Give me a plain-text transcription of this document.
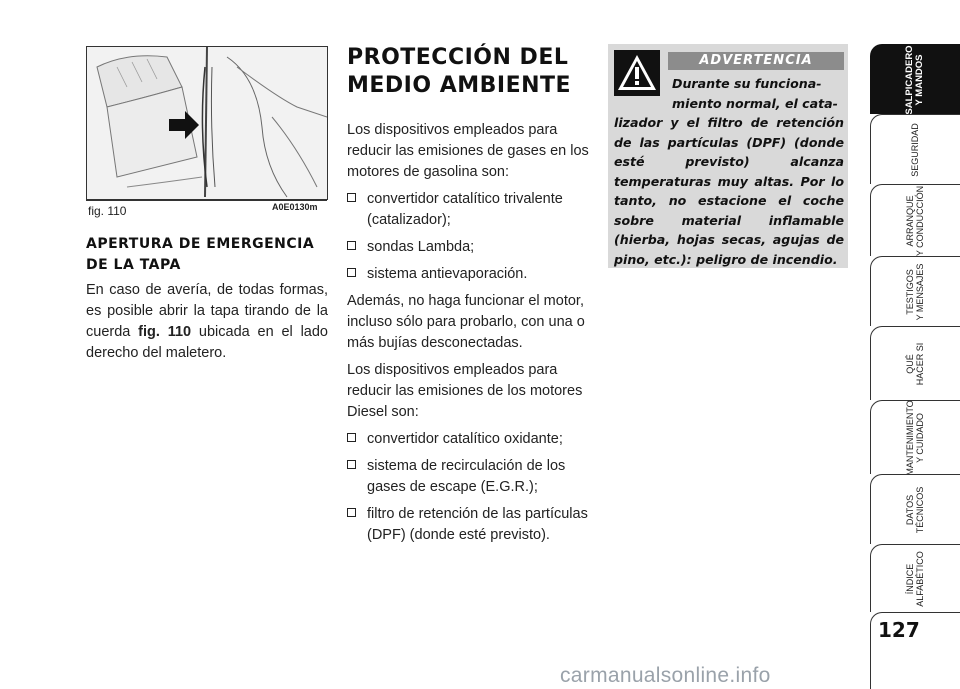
fig. 110	A0E0130m
APERTURA DE EMERGENCIA
DE LA TAPA
En caso de avería, de todas formas, es posible abrir la tapa tirando de la cuerda fig. 110 ubicada en el lado derecho del maletero.
PROTECCIÓN DEL
MEDIO AMBIENTE

Los dispositivos empleados para reducir las emisiones de gases en los motores de gasolina son:

convertidor catalítico trivalente (catalizador);
sondas Lambda;
sistema antievaporación.

Además, no haga funcionar el motor, incluso sólo para probarlo, con una o más bujías desconectadas.

Los dispositivos empleados para reducir las emisiones de los motores Diesel son:

convertidor catalítico oxidante;
sistema de recirculación de los gases de escape (E.G.R.);
filtro de retención de las partículas (DPF) (donde esté previsto).
ADVERTENCIA
Durante su funciona-
miento normal, el cata-
lizador y el filtro de retención de las partículas (DPF) (donde esté previsto) alcanza temperaturas muy altas. Por lo tanto, no estacione el coche sobre material inflamable (hierba, hojas secas, agujas de pino, etc.): peligro de incendio.
SALPICADERO Y MANDOS
SEGURIDAD
ARRANQUE Y CONDUCCIÓN
TESTIGOS Y MENSAJES
QUÉ HACER SI
MANTENIMIENTO Y CUIDADO
DATOS TÉCNICOS
ÍNDICE ALFABÉTICO
127
carmanualsonline.info
